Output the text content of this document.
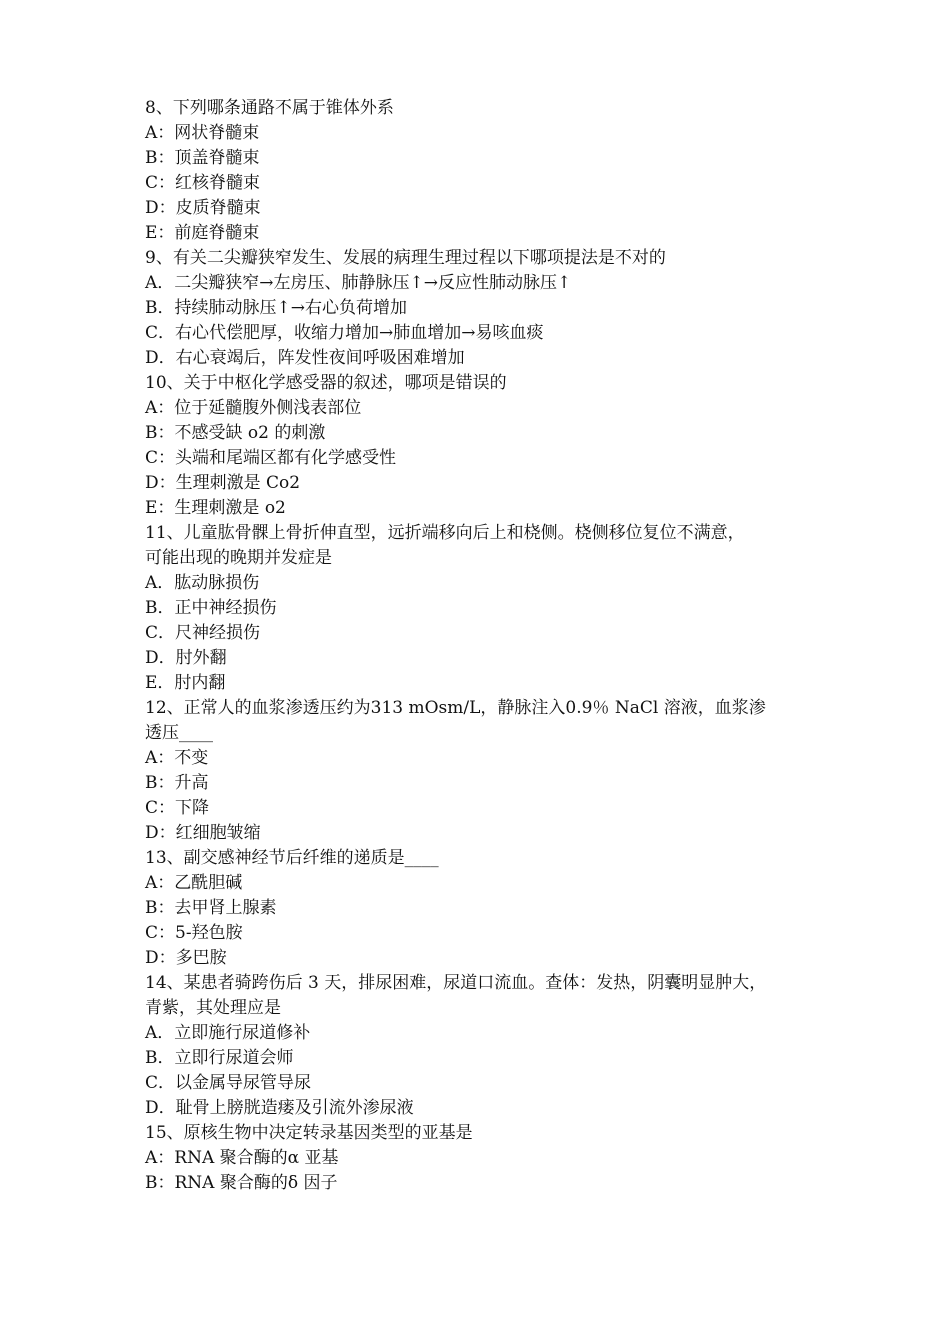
8、下列哪条通路不属于锥体外系
A：网状脊髓束
B：顶盖脊髓束
C：红核脊髓束
D：皮质脊髓束
E：前庭脊髓束
9、有关二尖瓣狭窄发生、发展的病理生理过程以下哪项提法是不对的
A．二尖瓣狭窄→左房压、肺静脉压↑→反应性肺动脉压↑
B．持续肺动脉压↑→右心负荷增加
C．右心代偿肥厚，收缩力增加→肺血增加→易咳血痰
D．右心衰竭后，阵发性夜间呼吸困难增加
10、关于中枢化学感受器的叙述，哪项是错误的
A：位于延髓腹外侧浅表部位
B：不感受缺 o2 的刺激
C：头端和尾端区都有化学感受性
D：生理刺激是 Co2
E：生理刺激是 o2
11、儿童肱骨髁上骨折伸直型，远折端移向后上和桡侧。桡侧移位复位不满意，
可能出现的晚期并发症是
A．肱动脉损伤
B．正中神经损伤
C．尺神经损伤
D．肘外翻
E．肘内翻
12、正常人的血浆渗透压约为313 mOsm/L，静脉注入0.9％ NaCl 溶液，血浆渗
透压____
A：不变
B：升高
C：下降
D：红细胞皱缩
13、副交感神经节后纤维的递质是____
A：乙酰胆碱
B：去甲肾上腺素
C：5-羟色胺
D：多巴胺
14、某患者骑跨伤后 3 天，排尿困难，尿道口流血。查体：发热，阴囊明显肿大，
青紫，其处理应是
A．立即施行尿道修补
B．立即行尿道会师
C．以金属导尿管导尿
D．耻骨上膀胱造瘘及引流外渗尿液
15、原核生物中决定转录基因类型的亚基是
A：RNA 聚合酶的α 亚基
B：RNA 聚合酶的δ 因子
